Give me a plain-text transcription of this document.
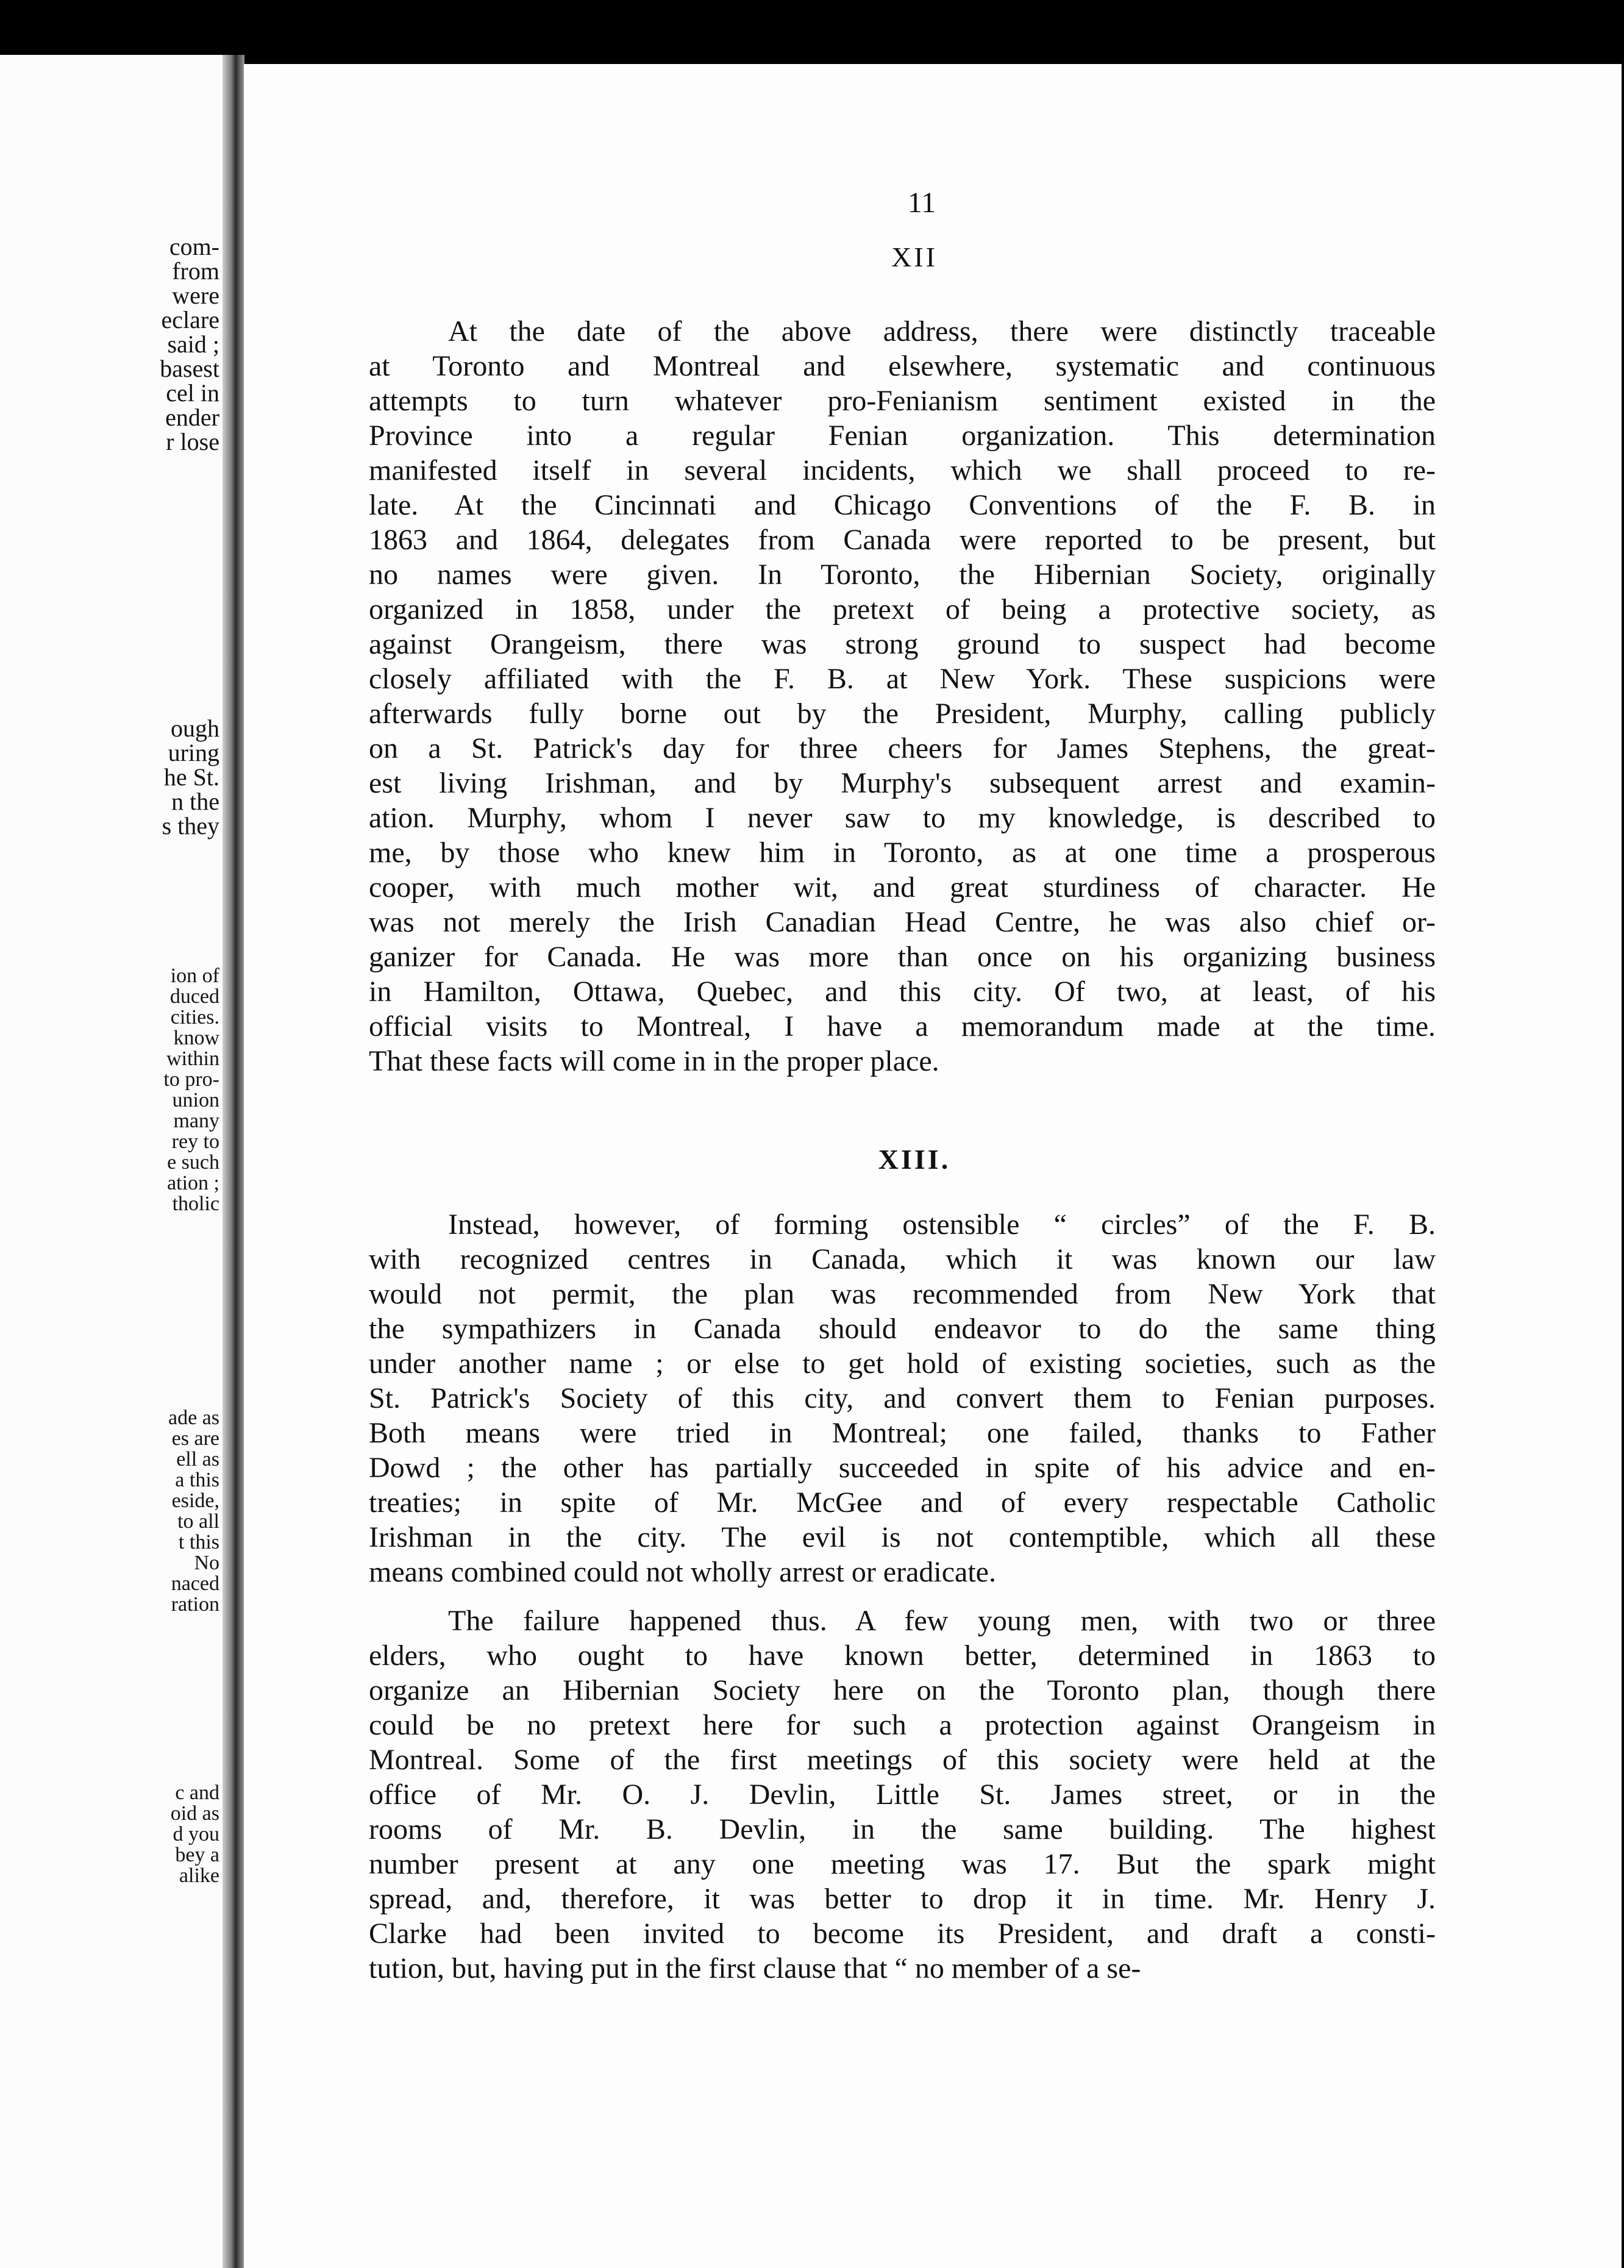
com-
from
were
eclare
said ;
basest
cel in
ender
r lose
ough
uring
he St.
n the
s they
ion of
duced
cities.
know
within
to pro-
union
many
rey to
e such
ation ;
tholic
ade as
es are
ell as
a this
eside,
to all
t this
No
naced
ration
c and
oid as
d you
bey a
alike
11
XII
At the date of the above address, there were distinctly traceable
at Toronto and Montreal and elsewhere, systematic and continuous
attempts to turn whatever pro-Fenianism sentiment existed in the
Province into a regular Fenian organization. This determination
manifested itself in several incidents, which we shall proceed to re-
late. At the Cincinnati and Chicago Conventions of the F. B. in
1863 and 1864, delegates from Canada were reported to be present, but
no names were given. In Toronto, the Hibernian Society, originally
organized in 1858, under the pretext of being a protective society, as
against Orangeism, there was strong ground to suspect had become
closely affiliated with the F. B. at New York. These suspicions were
afterwards fully borne out by the President, Murphy, calling publicly
on a St. Patrick's day for three cheers for James Stephens, the great-
est living Irishman, and by Murphy's subsequent arrest and examin-
ation. Murphy, whom I never saw to my knowledge, is described to
me, by those who knew him in Toronto, as at one time a prosperous
cooper, with much mother wit, and great sturdiness of character. He
was not merely the Irish Canadian Head Centre, he was also chief or-
ganizer for Canada. He was more than once on his organizing business
in Hamilton, Ottawa, Quebec, and this city. Of two, at least, of his
official visits to Montreal, I have a memorandum made at the time.
That these facts will come in in the proper place.
XIII.
Instead, however, of forming ostensible “ circles” of the F. B.
with recognized centres in Canada, which it was known our law
would not permit, the plan was recommended from New York that
the sympathizers in Canada should endeavor to do the same thing
under another name ; or else to get hold of existing societies, such as the
St. Patrick's Society of this city, and convert them to Fenian purposes.
Both means were tried in Montreal; one failed, thanks to Father
Dowd ; the other has partially succeeded in spite of his advice and en-
treaties; in spite of Mr. McGee and of every respectable Catholic
Irishman in the city. The evil is not contemptible, which all these
means combined could not wholly arrest or eradicate.
The failure happened thus. A few young men, with two or three
elders, who ought to have known better, determined in 1863 to
organize an Hibernian Society here on the Toronto plan, though there
could be no pretext here for such a protection against Orangeism in
Montreal. Some of the first meetings of this society were held at the
office of Mr. O. J. Devlin, Little St. James street, or in the
rooms of Mr. B. Devlin, in the same building. The highest
number present at any one meeting was 17. But the spark might
spread, and, therefore, it was better to drop it in time. Mr. Henry J.
Clarke had been invited to become its President, and draft a consti-
tution, but, having put in the first clause that “ no member of a se-
